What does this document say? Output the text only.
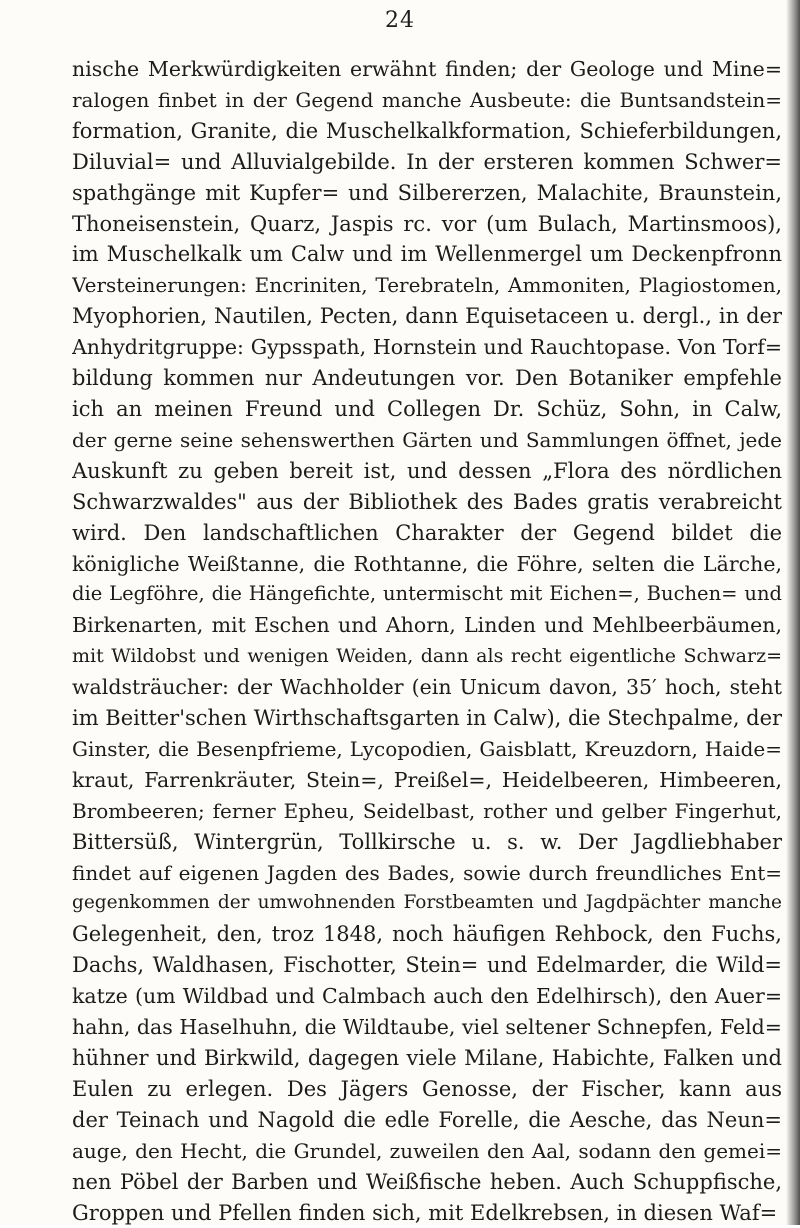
24
nische Merkwürdigkeiten erwähnt finden; der Geologe und Mine=
ralogen finbet in der Gegend manche Ausbeute: die Buntsandstein=
formation, Granite, die Muschelkalkformation, Schieferbildungen,
Diluvial= und Alluvialgebilde. In der ersteren kommen Schwer=
spathgänge mit Kupfer= und Silbererzen, Malachite, Braunstein,
Thoneisenstein, Quarz, Jaspis rc. vor (um Bulach, Martinsmoos),
im Muschelkalk um Calw und im Wellenmergel um Deckenpfronn
Versteinerungen: Encriniten, Terebrateln, Ammoniten, Plagiostomen,
Myophorien, Nautilen, Pecten, dann Equisetaceen u. dergl., in der
Anhydritgruppe: Gypsspath, Hornstein und Rauchtopase. Von Torf=
bildung kommen nur Andeutungen vor. Den Botaniker empfehle
ich an meinen Freund und Collegen Dr. Schüz, Sohn, in Calw,
der gerne seine sehenswerthen Gärten und Sammlungen öffnet, jede
Auskunft zu geben bereit ist, und dessen „Flora des nördlichen
Schwarzwaldes" aus der Bibliothek des Bades gratis verabreicht
wird. Den landschaftlichen Charakter der Gegend bildet die
königliche Weißtanne, die Rothtanne, die Föhre, selten die Lärche,
die Legföhre, die Hängefichte, untermischt mit Eichen=, Buchen= und
Birkenarten, mit Eschen und Ahorn, Linden und Mehlbeerbäumen,
mit Wildobst und wenigen Weiden, dann als recht eigentliche Schwarz=
waldsträucher: der Wachholder (ein Unicum davon, 35′ hoch, steht
im Beitter'schen Wirthschaftsgarten in Calw), die Stechpalme, der
Ginster, die Besenpfrieme, Lycopodien, Gaisblatt, Kreuzdorn, Haide=
kraut, Farrenkräuter, Stein=, Preißel=, Heidelbeeren, Himbeeren,
Brombeeren; ferner Epheu, Seidelbast, rother und gelber Fingerhut,
Bittersüß, Wintergrün, Tollkirsche u. s. w. Der Jagdliebhaber
findet auf eigenen Jagden des Bades, sowie durch freundliches Ent=
gegenkommen der umwohnenden Forstbeamten und Jagdpächter manche
Gelegenheit, den, troz 1848, noch häufigen Rehbock, den Fuchs,
Dachs, Waldhasen, Fischotter, Stein= und Edelmarder, die Wild=
katze (um Wildbad und Calmbach auch den Edelhirsch), den Auer=
hahn, das Haselhuhn, die Wildtaube, viel seltener Schnepfen, Feld=
hühner und Birkwild, dagegen viele Milane, Habichte, Falken und
Eulen zu erlegen. Des Jägers Genosse, der Fischer, kann aus
der Teinach und Nagold die edle Forelle, die Aesche, das Neun=
auge, den Hecht, die Grundel, zuweilen den Aal, sodann den gemei=
nen Pöbel der Barben und Weißfische heben. Auch Schuppfische,
Groppen und Pfellen finden sich, mit Edelkrebsen, in diesen Waf=
